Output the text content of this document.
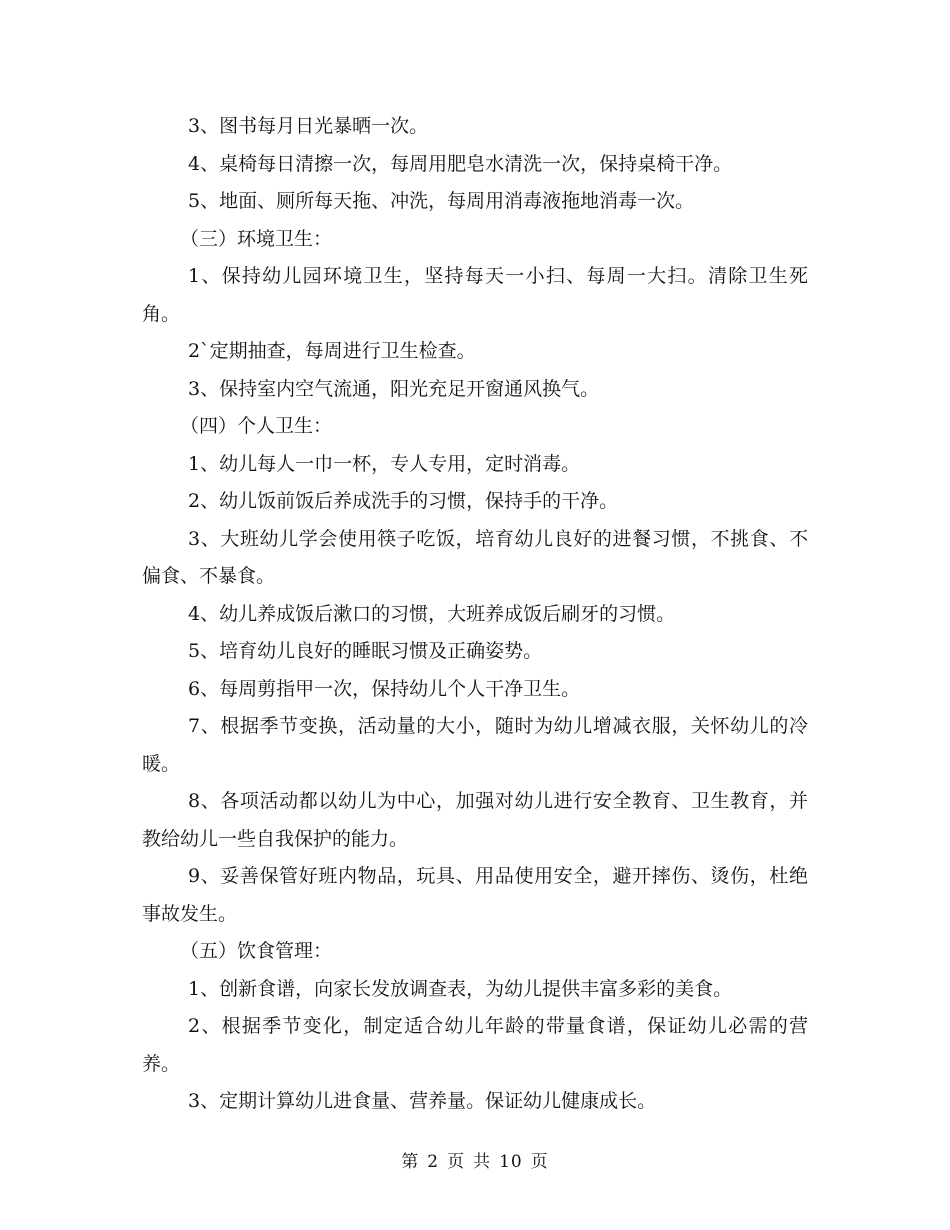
3、图书每月日光暴晒一次。

4、桌椅每日清擦一次，每周用肥皂水清洗一次，保持桌椅干净。

5、地面、厕所每天拖、冲洗，每周用消毒液拖地消毒一次。

（三）环境卫生：

1、保持幼儿园环境卫生，坚持每天一小扫、每周一大扫。清除卫生死角。

2`定期抽查，每周进行卫生检查。

3、保持室内空气流通，阳光充足开窗通风换气。

（四）个人卫生：

1、幼儿每人一巾一杯，专人专用，定时消毒。

2、幼儿饭前饭后养成洗手的习惯，保持手的干净。

3、大班幼儿学会使用筷子吃饭，培育幼儿良好的进餐习惯，不挑食、不偏食、不暴食。

4、幼儿养成饭后漱口的习惯，大班养成饭后刷牙的习惯。

5、培育幼儿良好的睡眠习惯及正确姿势。

6、每周剪指甲一次，保持幼儿个人干净卫生。

7、根据季节变换，活动量的大小，随时为幼儿增减衣服，关怀幼儿的冷暖。

8、各项活动都以幼儿为中心，加强对幼儿进行安全教育、卫生教育，并教给幼儿一些自我保护的能力。

9、妥善保管好班内物品，玩具、用品使用安全，避开摔伤、烫伤，杜绝事故发生。

（五）饮食管理：

1、创新食谱，向家长发放调查表，为幼儿提供丰富多彩的美食。

2、根据季节变化，制定适合幼儿年龄的带量食谱，保证幼儿必需的营养。

3、定期计算幼儿进食量、营养量。保证幼儿健康成长。

第 2 页 共 10 页
